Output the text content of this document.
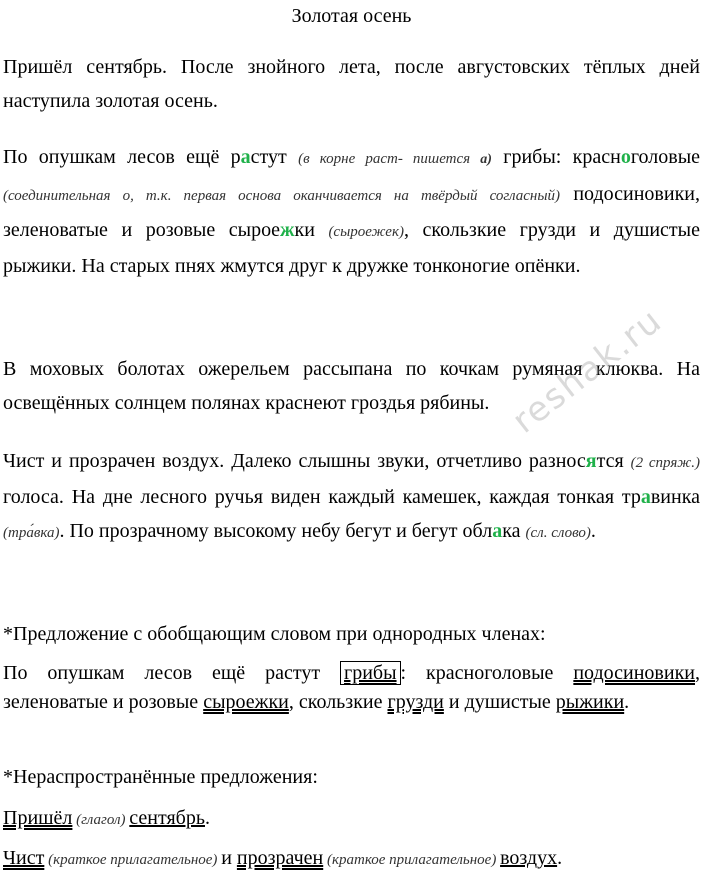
Золотая осень

Пришёл сентябрь. После знойного лета, после августовских тёплых дней наступила золотая осень.

По опушкам лесов ещё растут (в корне раст- пишется а) грибы: красноголовые (соединительная о, т.к. первая основа оканчивается на твёрдый согласный) подосиновики, зеленоватые и розовые сыроeжки (сыроежек), скользкие грузди и душистые рыжики. На старых пнях жмутся друг к дружке тонконогие опёнки.

В моховых болотах ожерельем рассыпана по кочкам румяная клюква. На освещённых солнцем полянах краснеют гроздья рябины.

Чист и прозрачен воздух. Далеко слышны звуки, отчетливо разносятся (2 спряж.) голоса. На дне лесного ручья виден каждый камешек, каждая тонкая травинка (тра́вка). По прозрачному высокому небу бегут и бегут облака (сл. слово).

*Предложение с обобщающим словом при однородных членах:

По опушкам лесов ещё растут грибы : красноголовые подосиновики, зеленоватые и розовые сыроежки, скользкие грузди и душистые рыжики.

*Нераспространённые предложения:

Пришёл (глагол) сентябрь.

Чист (краткое прилагательное) и прозрачен (краткое прилагательное) воздух.

reshak.ru
